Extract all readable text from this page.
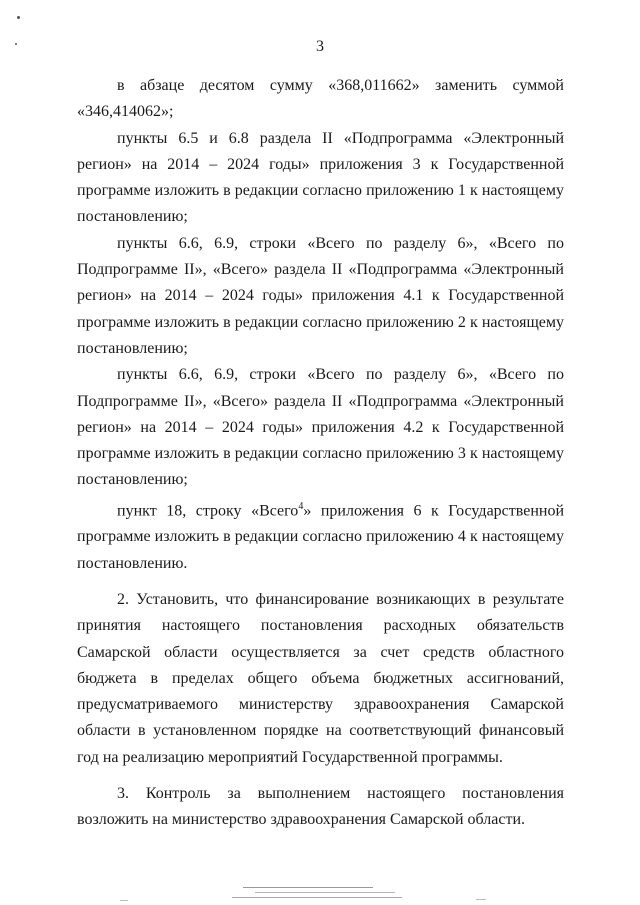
3

в абзаце десятом сумму «368,011662» заменить суммой «346,414062»;

пункты 6.5 и 6.8 раздела II «Подпрограмма «Электронный регион» на 2014 – 2024 годы» приложения 3 к Государственной программе изложить в редакции согласно приложению 1 к настоящему постановлению;

пункты 6.6, 6.9, строки «Всего по разделу 6», «Всего по Подпрограмме II», «Всего» раздела II «Подпрограмма «Электронный регион» на 2014 – 2024 годы» приложения 4.1 к Государственной программе изложить в редакции согласно приложению 2 к настоящему постановлению;

пункты 6.6, 6.9, строки «Всего по разделу 6», «Всего по Подпрограмме II», «Всего» раздела II «Подпрограмма «Электронный регион» на 2014 – 2024 годы» приложения 4.2 к Государственной программе изложить в редакции согласно приложению 3 к настоящему постановлению;

пункт 18, строку «Всего$^4$» приложения 6 к Государственной программе изложить в редакции согласно приложению 4 к настоящему постановлению.

2. Установить, что финансирование возникающих в результате принятия настоящего постановления расходных обязательств Самарской области осуществляется за счет средств областного бюджета в пределах общего объема бюджетных ассигнований, предусматриваемого министерству здравоохранения Самарской области в установленном порядке на соответствующий финансовый год на реализацию мероприятий Государственной программы.

3. Контроль за выполнением настоящего постановления возложить на министерство здравоохранения Самарской области.
